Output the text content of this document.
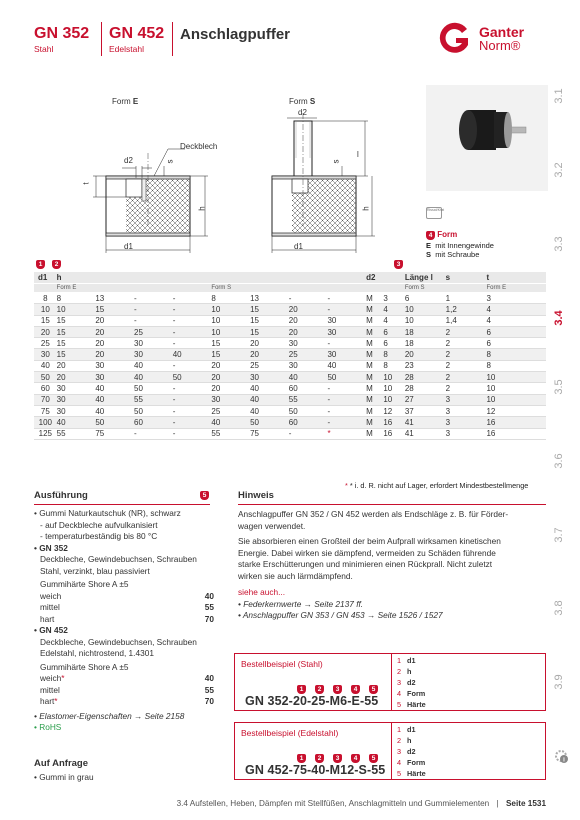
GN 352
Stahl
GN 452
Edelstahl
Anschlagpuffer	Ganter
Norm®
3.1
3.2
3.3
3.4
3.5
3.6
3.7
3.8
3.9
i
Form E	Form S
Deckblech
d2	s
t
h
d1
d2
s
l
h
d1
Rissat/Krat
4 Form
E mit Innengewinde
S mit Schraube
1	2	3
d1	h								d2		Länge l	s	t
	Form E				Form S						Form S		Form E
8	8	13	-	-	8	13	-	-	M	3	6	1	3
10	10	15	-	-	10	15	20	-	M	4	10	1,2	4
15	15	20	-	-	10	15	20	30	M	4	10	1,4	4
20	15	20	25	-	10	15	20	30	M	6	18	2	6
25	15	20	30	-	15	20	30	-	M	6	18	2	6
30	15	20	30	40	15	20	25	30	M	8	20	2	8
40	20	30	40	-	20	25	30	40	M	8	23	2	8
50	20	30	40	50	20	30	40	50	M	10	28	2	10
60	30	40	50	-	20	40	60	-	M	10	28	2	10
70	30	40	55	-	30	40	55	-	M	10	27	3	10
75	30	40	50	-	25	40	50	-	M	12	37	3	12
100	40	50	60	-	40	50	60	-	M	16	41	3	16
125	55	75	-	-	55	75	-	*	M	16	41	3	16
* * i. d. R. nicht auf Lager, erfordert Mindestbestellmenge
Ausführung	5
• Gummi Naturkautschuk (NR), schwarz
- auf Deckbleche aufvulkanisiert
- temperaturbeständig bis 80 °C
• GN 352
Deckbleche, Gewindebuchsen, Schrauben
Stahl, verzinkt, blau passiviert
Gummihärte Shore A ±5
weich	40
mittel	55
hart	70
• GN 452
Deckbleche, Gewindebuchsen, Schrauben
Edelstahl, nichtrostend, 1.4301
Gummihärte Shore A ±5
weich*	40
mittel	55
hart*	70
• Elastomer-Eigenschaften → Seite 2158
• RoHS
Auf Anfrage
• Gummi in grau
Hinweis
Anschlagpuffer GN 352 / GN 452 werden als Endschläge z. B. für Förder-
wagen verwendet.
Sie absorbieren einen Großteil der beim Aufprall wirksamen kinetischen
Energie. Dabei wirken sie dämpfend, vermeiden zu Schäden führende
starke Erschütterungen und minimieren einen Rückprall. Nicht zuletzt
wirken sie auch lärmdämpfend.
siehe auch...
• Federkernwerte → Seite 2137 ff.
• Anschlagpuffer GN 353 / GN 453 → Seite 1526 / 1527
Bestellbeispiel (Stahl)
1	2	3	4	5
GN 352-20-25-M6-E-55
1 d1
2 h
3 d2
4 Form
5 Härte
Bestellbeispiel (Edelstahl)
1	2	3	4	5
GN 452-75-40-M12-S-55
1 d1
2 h
3 d2
4 Form
5 Härte
3.4 Aufstellen, Heben, Dämpfen mit Stellfüßen, Anschlagmitteln und Gummielementen | Seite 1531
